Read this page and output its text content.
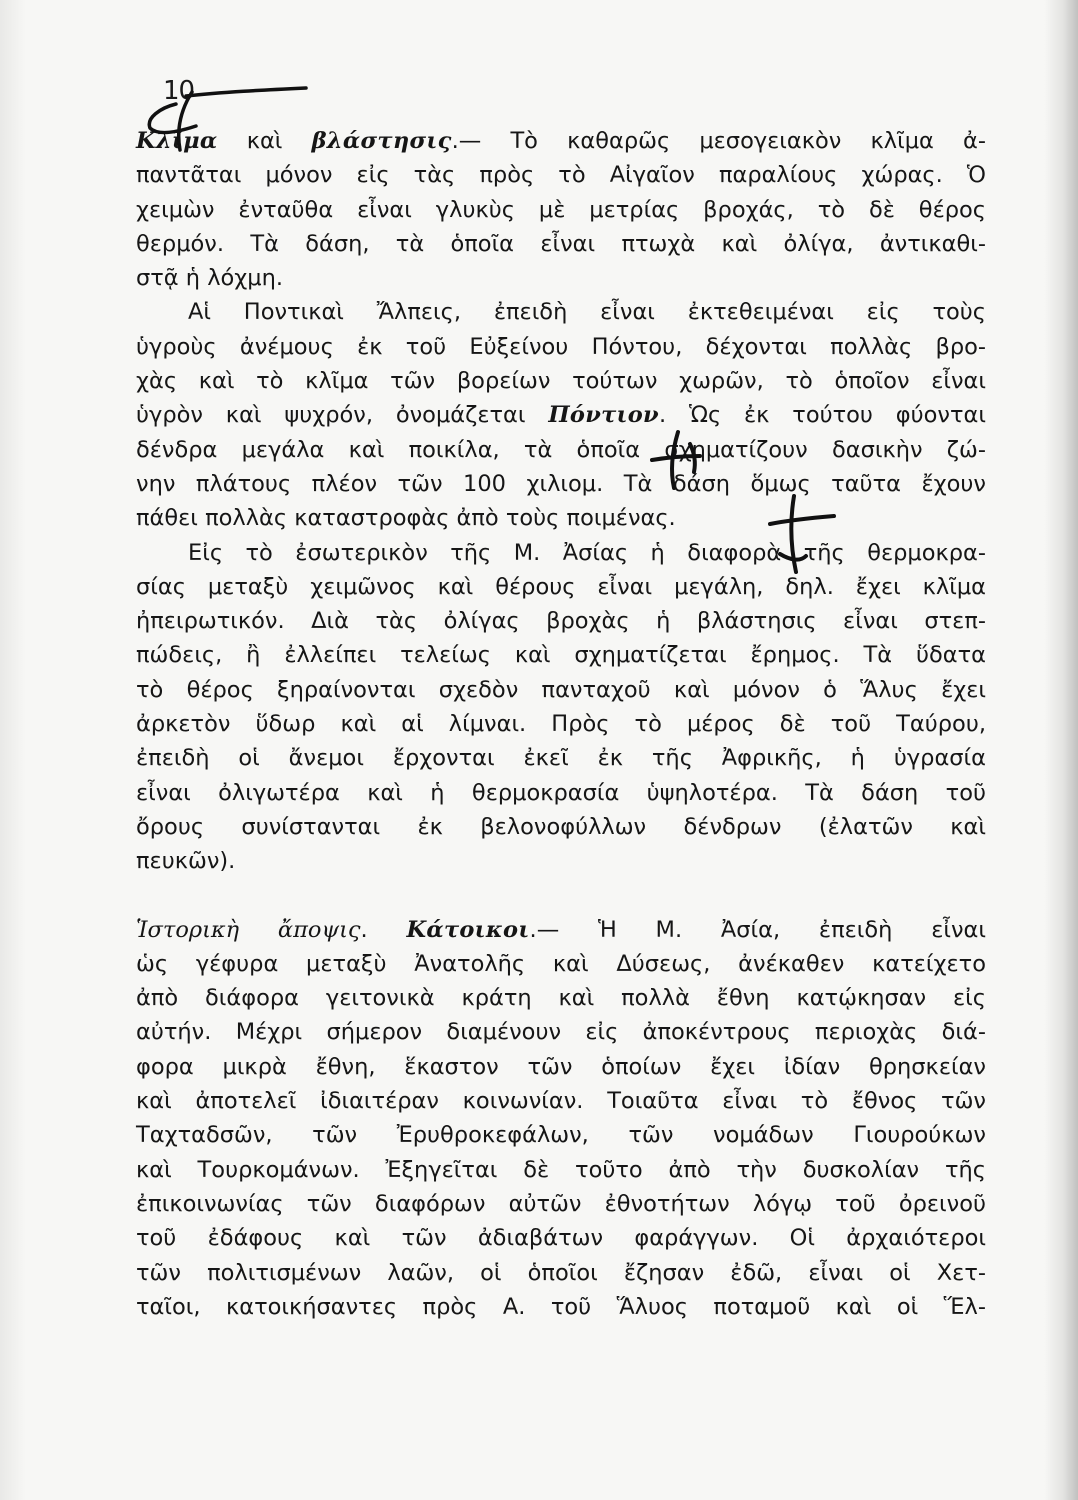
10

Κλῖμα καὶ βλάστησις.— Τὸ καθαρῶς μεσογειακὸν κλῖμα ἀ-

παντᾶται μόνον εἰς τὰς πρὸς τὸ Αἰγαῖον παραλίους χώρας. Ὁ

χειμὼν ἐνταῦθα εἶναι γλυκὺς μὲ μετρίας βροχάς, τὸ δὲ θέρος

θερμόν. Τὰ δάση, τὰ ὁποῖα εἶναι πτωχὰ καὶ ὀλίγα, ἀντικαθι-

στᾷ ἡ λόχμη.

Αἱ Ποντικαὶ Ἄλπεις, ἐπειδὴ εἶναι ἐκτεθειμέναι εἰς τοὺς

ὑγροὺς ἀνέμους ἐκ τοῦ Εὐξείνου Πόντου, δέχονται πολλὰς βρο-

χὰς καὶ τὸ κλῖμα τῶν βορείων τούτων χωρῶν, τὸ ὁποῖον εἶναι

ὑγρὸν καὶ ψυχρόν, ὀνομάζεται Πόντιον. Ὡς ἐκ τούτου φύονται

δένδρα μεγάλα καὶ ποικίλα, τὰ ὁποῖα σχηματίζουν δασικὴν ζώ-

νην πλάτους πλέον τῶν 100 χιλιομ. Τὰ δάση ὅμως ταῦτα ἔχουν

πάθει πολλὰς καταστροφὰς ἀπὸ τοὺς ποιμένας.

Εἰς τὸ ἐσωτερικὸν τῆς Μ. Ἀσίας ἡ διαφορὰ τῆς θερμοκρα-

σίας μεταξὺ χειμῶνος καὶ θέρους εἶναι μεγάλη, δηλ. ἔχει κλῖμα

ἠπειρωτικόν. Διὰ τὰς ὀλίγας βροχὰς ἡ βλάστησις εἶναι στεπ-

πώδεις, ἢ ἐλλείπει τελείως καὶ σχηματίζεται ἔρημος. Τὰ ὕδατα

τὸ θέρος ξηραίνονται σχεδὸν πανταχοῦ καὶ μόνον ὁ Ἅλυς ἔχει

ἀρκετὸν ὕδωρ καὶ αἱ λίμναι. Πρὸς τὸ μέρος δὲ τοῦ Ταύρου,

ἐπειδὴ οἱ ἄνεμοι ἔρχονται ἐκεῖ ἐκ τῆς Ἀφρικῆς, ἡ ὑγρασία

εἶναι ὀλιγωτέρα καὶ ἡ θερμοκρασία ὑψηλοτέρα. Τὰ δάση τοῦ

ὄρους συνίστανται ἐκ βελονοφύλλων δένδρων (ἐλατῶν καὶ

πευκῶν).

Ἱστορικὴ ἄποψις. Κάτοικοι.— Ἡ Μ. Ἀσία, ἐπειδὴ εἶναι

ὡς γέφυρα μεταξὺ Ἀνατολῆς καὶ Δύσεως, ἀνέκαθεν κατείχετο

ἀπὸ διάφορα γειτονικὰ κράτη καὶ πολλὰ ἔθνη κατῴκησαν εἰς

αὐτήν. Μέχρι σήμερον διαμένουν εἰς ἀποκέντρους περιοχὰς διά-

φορα μικρὰ ἔθνη, ἕκαστον τῶν ὁποίων ἔχει ἰδίαν θρησκείαν

καὶ ἀποτελεῖ ἰδιαιτέραν κοινωνίαν. Τοιαῦτα εἶναι τὸ ἔθνος τῶν

Ταχταδσῶν, τῶν Ἐρυθροκεφάλων, τῶν νομάδων Γιουρούκων

καὶ Τουρκομάνων. Ἐξηγεῖται δὲ τοῦτο ἀπὸ τὴν δυσκολίαν τῆς

ἐπικοινωνίας τῶν διαφόρων αὐτῶν ἐθνοτήτων λόγῳ τοῦ ὀρεινοῦ

τοῦ ἐδάφους καὶ τῶν ἀδιαβάτων φαράγγων. Οἱ ἀρχαιότεροι

τῶν πολιτισμένων λαῶν, οἱ ὁποῖοι ἔζησαν ἐδῶ, εἶναι οἱ Χετ-

ταῖοι, κατοικήσαντες πρὸς Α. τοῦ Ἅλυος ποταμοῦ καὶ οἱ Ἕλ-
